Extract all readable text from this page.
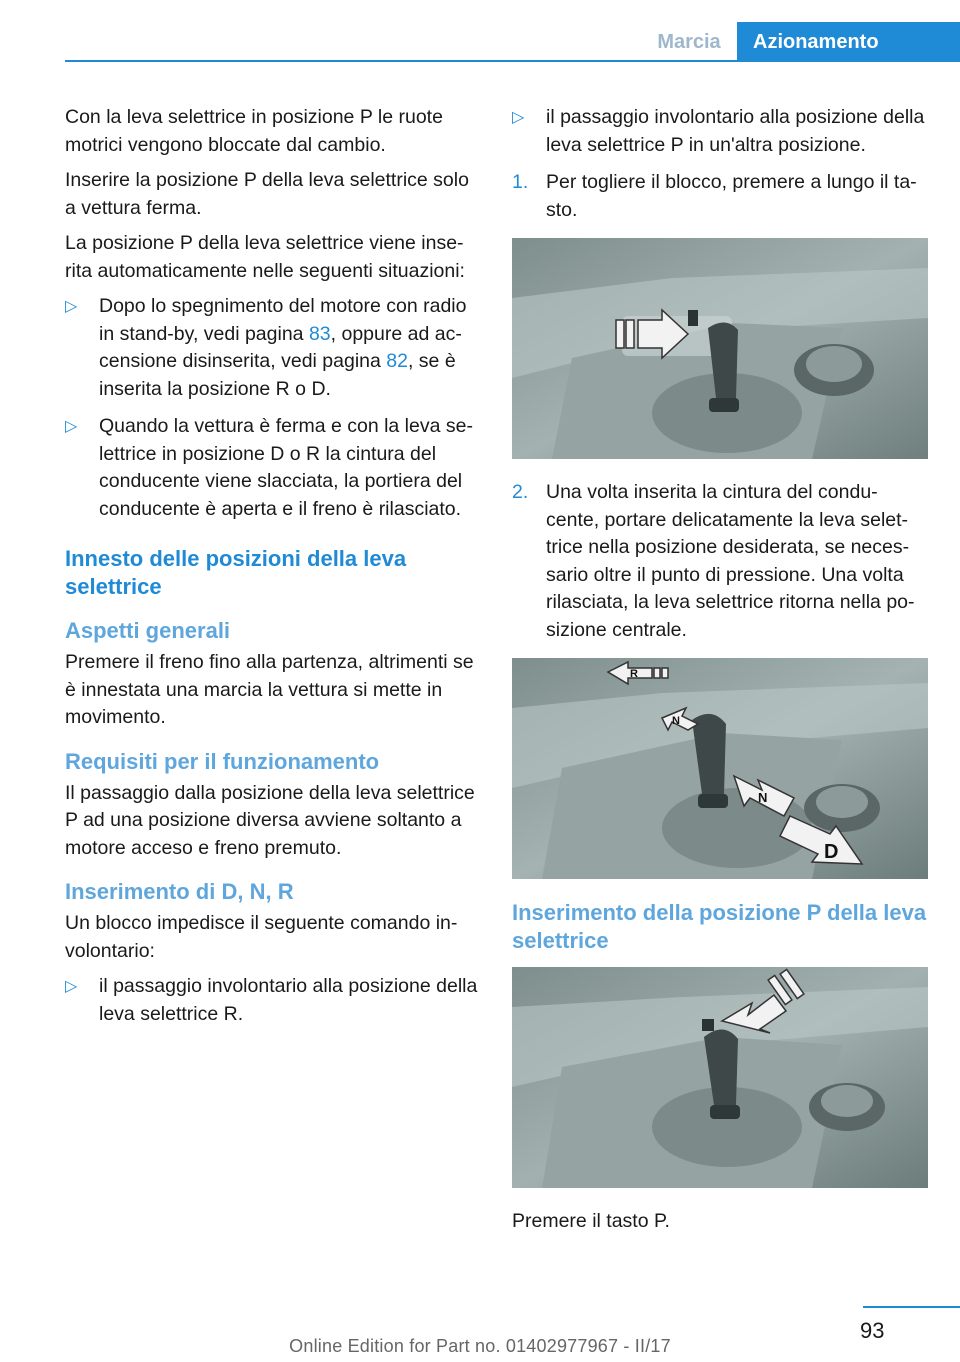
Marcia	Azionamento

Con la leva selettrice in posizione P le ruote motrici vengono bloccate dal cambio.

Inserire la posizione P della leva selettrice solo a vettura ferma.

La posizione P della leva selettrice viene inse-rita automaticamente nelle seguenti situazioni:

▷ Dopo lo spegnimento del motore con radio in stand-by, vedi pagina 83, oppure ad ac-censione disinserita, vedi pagina 82, se è inserita la posizione R o D.
▷ Quando la vettura è ferma e con la leva se-lettrice in posizione D o R la cintura del conducente viene slacciata, la portiera del conducente è aperta e il freno è rilasciato.
Innesto delle posizioni della leva selettrice
Aspetti generali

Premere il freno fino alla partenza, altrimenti se è innestata una marcia la vettura si mette in movimento.

Requisiti per il funzionamento

Il passaggio dalla posizione della leva selettrice P ad una posizione diversa avviene soltanto a motore acceso e freno premuto.

Inserimento di D, N, R

Un blocco impedisce il seguente comando in-volontario:

▷ il passaggio involontario alla posizione della leva selettrice R.
▷ il passaggio involontario alla posizione della leva selettrice P in un'altra posizione.
1. Per togliere il blocco, premere a lungo il ta-sto.
2. Una volta inserita la cintura del condu-cente, portare delicatamente la leva selet-trice nella posizione desiderata, se neces-sario oltre il punto di pressione. Una volta rilasciata, la leva selettrice ritorna nella po-sizione centrale.
R
N
N
D
Inserimento della posizione P della leva selettrice

Premere il tasto P.

93
Online Edition for Part no. 01402977967 - II/17
